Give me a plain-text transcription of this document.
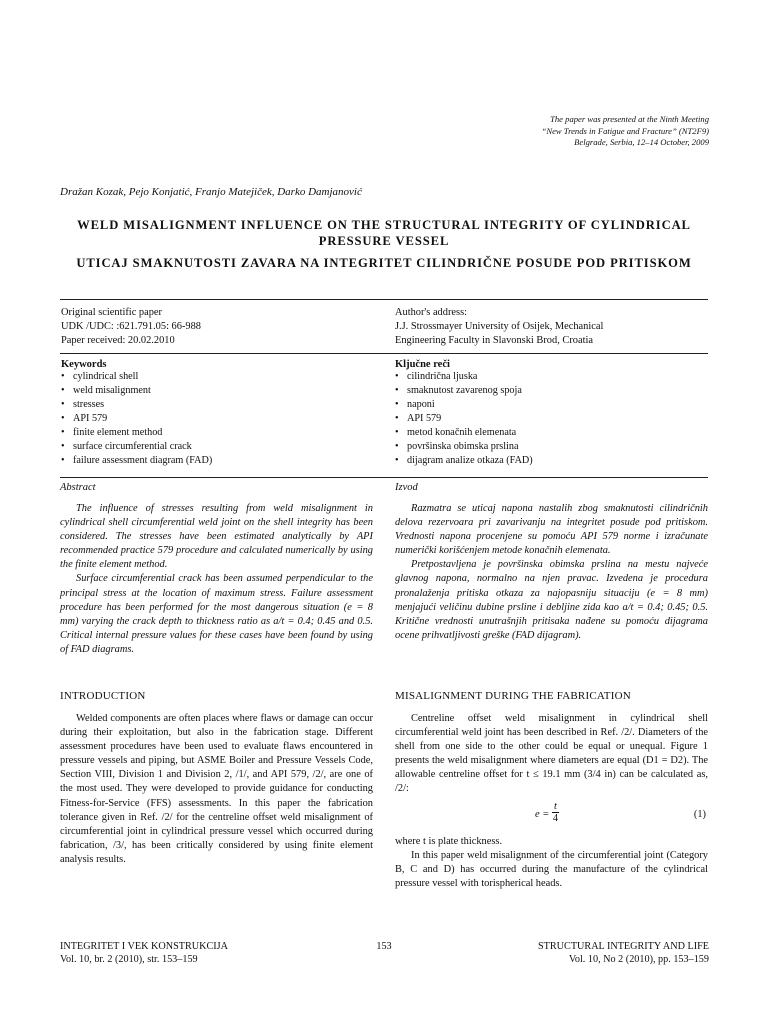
The paper was presented at the Ninth Meeting
“New Trends in Fatigue and Fracture” (NT2F9)
Belgrade, Serbia, 12–14 October, 2009
Dražan Kozak, Pejo Konjatić, Franjo Matejiček, Darko Damjanović
WELD MISALIGNMENT INFLUENCE ON THE STRUCTURAL INTEGRITY OF CYLINDRICAL PRESSURE VESSEL
UTICAJ SMAKNUTOSTI ZAVARA NA INTEGRITET CILINDRIČNE POSUDE POD PRITISKOM
Original scientific paper
UDK /UDC: :621.791.05: 66-988
Paper received: 20.02.2010
Author's address:
J.J. Strossmayer University of Osijek, Mechanical
Engineering Faculty in Slavonski Brod, Croatia
Keywords
• cylindrical shell
• weld misalignment
• stresses
• API 579
• finite element method
• surface circumferential crack
• failure assessment diagram (FAD)
Ključne reči
• cilindrična ljuska
• smaknutost zavarenog spoja
• naponi
• API 579
• metod konačnih elemenata
• površinska obimska prslina
• dijagram analize otkaza (FAD)
Abstract

The influence of stresses resulting from weld misalignment in cylindrical shell circumferential weld joint on the shell integrity has been considered. The stresses have been estimated analytically by API recommended practice 579 procedure and calculated numerically by using the finite element method.

Surface circumferential crack has been assumed perpendicular to the principal stress at the location of maximum stress. Failure assessment procedure has been performed for the most dangerous situation (e = 8 mm) varying the crack depth to thickness ratio as a/t = 0.4; 0.45 and 0.5. Critical internal pressure values for these cases have been found by using of FAD diagrams.

Izvod

Razmatra se uticaj napona nastalih zbog smaknutosti cilindričnih delova rezervoara pri zavarivanju na integritet posude pod pritiskom. Vrednosti napona procenjene su pomoću API 579 norme i izračunate numerički korišćenjem metode konačnih elemenata.

Pretpostavljena je površinska obimska prslina na mestu najveće glavnog napona, normalno na njen pravac. Izvedena je procedura pronalaženja pritiska otkaza za najopasniju situaciju (e = 8 mm) menjajući veličinu dubine prsline i debljine zida kao a/t = 0.4; 0.45; 0.5. Kritične vrednosti unutrašnjih pritisaka nađene su pomoću dijagrama ocene prihvatljivosti greške (FAD dijagram).

INTRODUCTION

Welded components are often places where flaws or damage can occur during their exploitation, but also in the fabrication stage. Different assessment procedures have been used to evaluate flaws encountered in pressure vessels and piping, but ASME Boiler and Pressure Vessels Code, Section VIII, Division 1 and Division 2, /1/, and API 579, /2/, are one of the most used. They were developed to provide guidance for conducting Fitness-for-Service (FFS) assessments. In this paper the fabrication tolerance given in Ref. /2/ for the centreline offset weld misalignment of circumferential joint in cylindrical pressure vessel which occurred during fabrication, /3/, has been critically considered by using finite element analysis results.

MISALIGNMENT DURING THE FABRICATION

Centreline offset weld misalignment in cylindrical shell circumferential weld joint has been described in Ref. /2/. Diameters of the shell from one side to the other could be equal or unequal. Figure 1 presents the weld misalignment where diameters are equal (D1 = D2). The allowable centreline offset for t ≤ 19.1 mm (3/4 in) can be calculated as, /2/:

$e = \frac{t}{4}$	(1)
where t is plate thickness.

In this paper weld misalignment of the circumferential joint (Category B, C and D) has occurred during the manufacture of the cylindrical pressure vessel with torispherical heads.

INTEGRITET I VEK KONSTRUKCIJA
Vol. 10, br. 2 (2010), str. 153–159
153	STRUCTURAL INTEGRITY AND LIFE
Vol. 10, No 2 (2010), pp. 153–159
